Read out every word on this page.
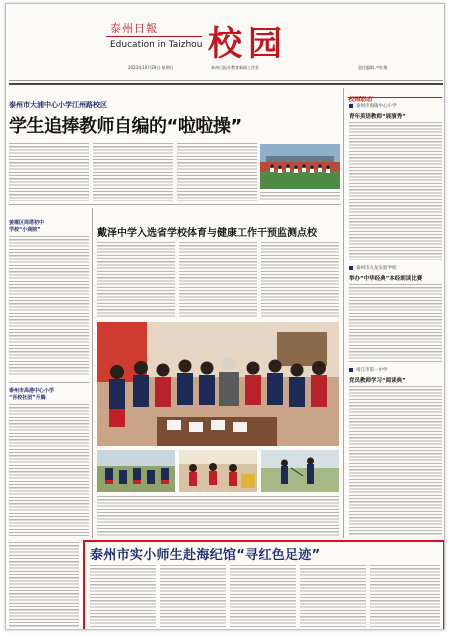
泰州日報
Education in Taizhou
2023年10月29日 星期日
校园
泰州日报社教育新闻工作室	责任编辑 卢红梅
泰州市大浦中心小学江州路校区
学生追捧教师自编的“啦啦操”
姜堰区周塔初中
学校“小商院”
泰州市高港中心小学
“吾校社团”升腾
戴泽中学入选省学校体育与健康工作干预监测点校
校园动态
泰州市海陵中心小学
青年英语教师“展演秀”
泰州市九龙实验学校
举办“中华经典”本经朗读比赛
靖江市第一中学
党员教师学习“阅读典”
泰州市实小师生赴海纪馆“寻红色足迹”
